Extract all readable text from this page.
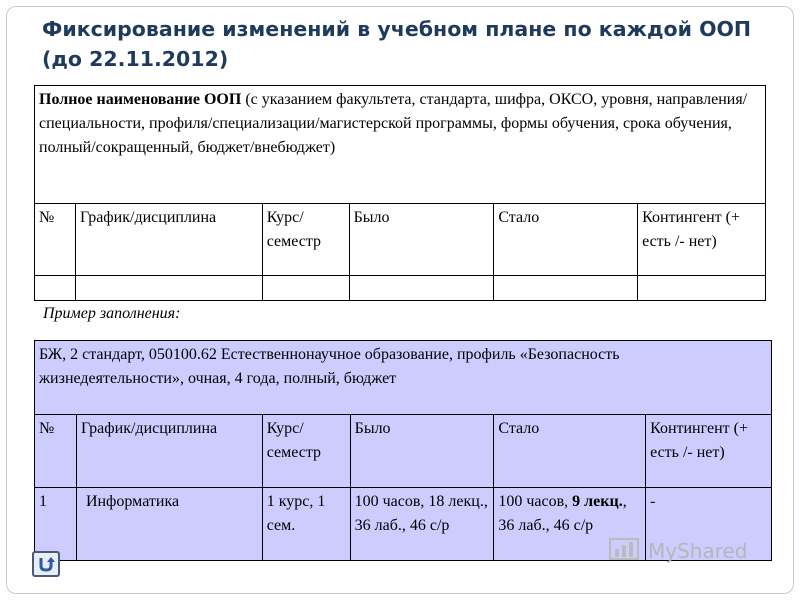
Фиксирование изменений в учебном плане по каждой ООП (до 22.11.2012)
Полное наименование ООП (с указанием факультета, стандарта, шифра, ОКСО, уровня, направления/специальности, профиля/специализации/магистерской программы, формы обучения, срока обучения, полный/сокращенный, бюджет/внебюджет)					
№	График/дисциплина	Курс/семестр	Было	Стало	Контингент (+ есть /- нет)

Пример заполнения:
БЖ, 2 стандарт, 050100.62 Естественнонаучное образование, профиль «Безопасность жизнедеятельности», очная, 4 года, полный, бюджет					
№	График/дисциплина	Курс/семестр	Было	Стало	Контингент (+ есть /- нет)
1	Информатика	1 курс, 1 сем.	100 часов, 18 лекц., 36 лаб., 46 с/р	100 часов, 9 лекц., 36 лаб., 46 с/р	-
MyShared
